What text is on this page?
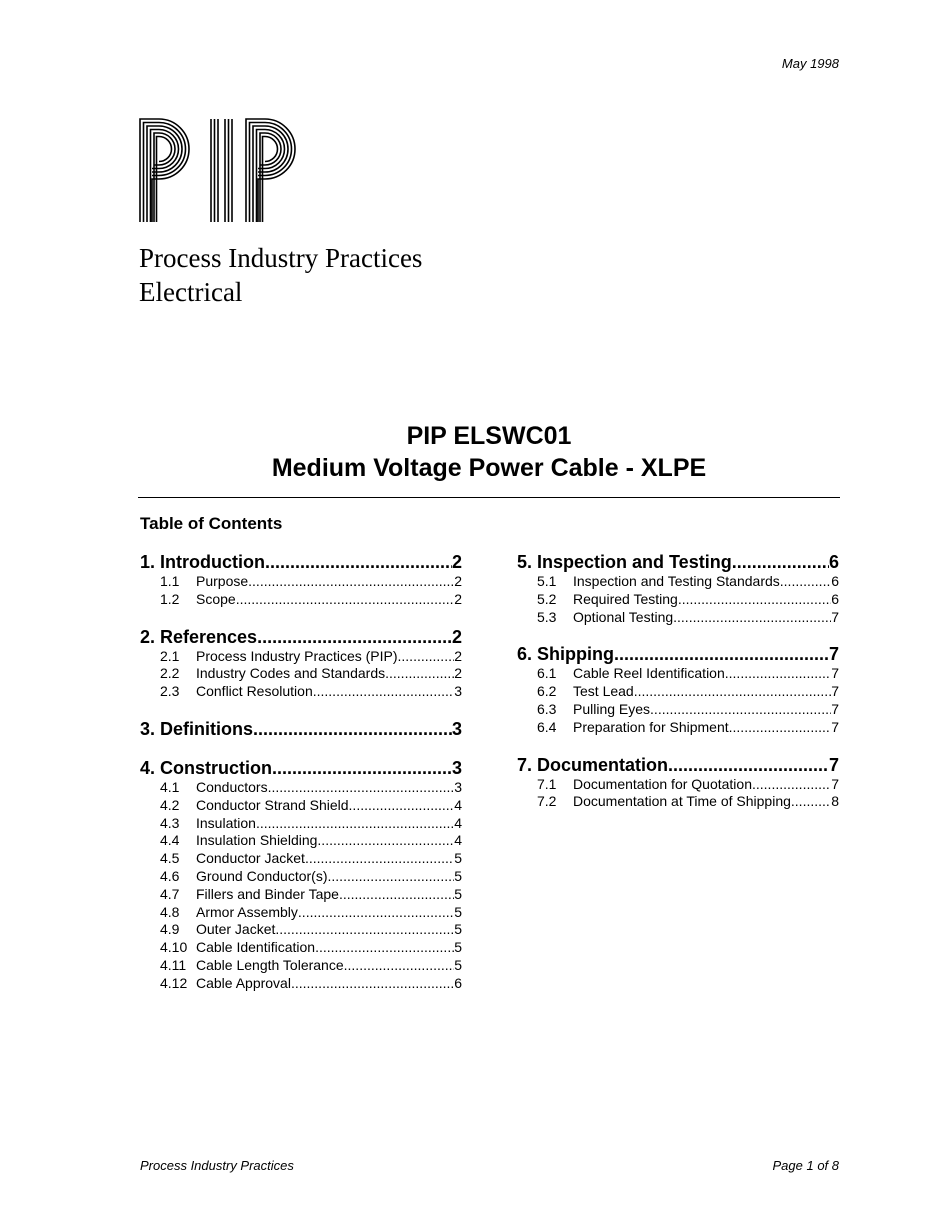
May 1998
Process Industry Practices
Electrical
PIP ELSWC01
Medium Voltage Power Cable - XLPE
Table of Contents
1. Introduction .....	2
1.1	Purpose .....	2
1.2	Scope .....	2
2. References .....	2
2.1	Process Industry Practices (PIP) .....	2
2.2	Industry Codes and Standards .....	2
2.3	Conflict Resolution .....	3
3. Definitions .....	3
4. Construction .....	3
4.1	Conductors .....	3
4.2	Conductor Strand Shield .....	4
4.3	Insulation .....	4
4.4	Insulation Shielding .....	4
4.5	Conductor Jacket .....	5
4.6	Ground Conductor(s) .....	5
4.7	Fillers and Binder Tape .....	5
4.8	Armor Assembly .....	5
4.9	Outer Jacket .....	5
4.10 Cable Identification .....	5
4.11 Cable Length Tolerance .....	5
4.12 Cable Approval .....	6
5. Inspection and Testing .....	6
5.1	Inspection and Testing Standards .....	6
5.2	Required Testing .....	6
5.3	Optional Testing .....	7
6. Shipping .....	7
6.1	Cable Reel Identification .....	7
6.2	Test Lead .....	7
6.3	Pulling Eyes .....	7
6.4	Preparation for Shipment .....	7
7. Documentation .....	7
7.1	Documentation for Quotation .....	7
7.2	Documentation at Time of Shipping .....	8
Process Industry Practices	Page 1 of 8
